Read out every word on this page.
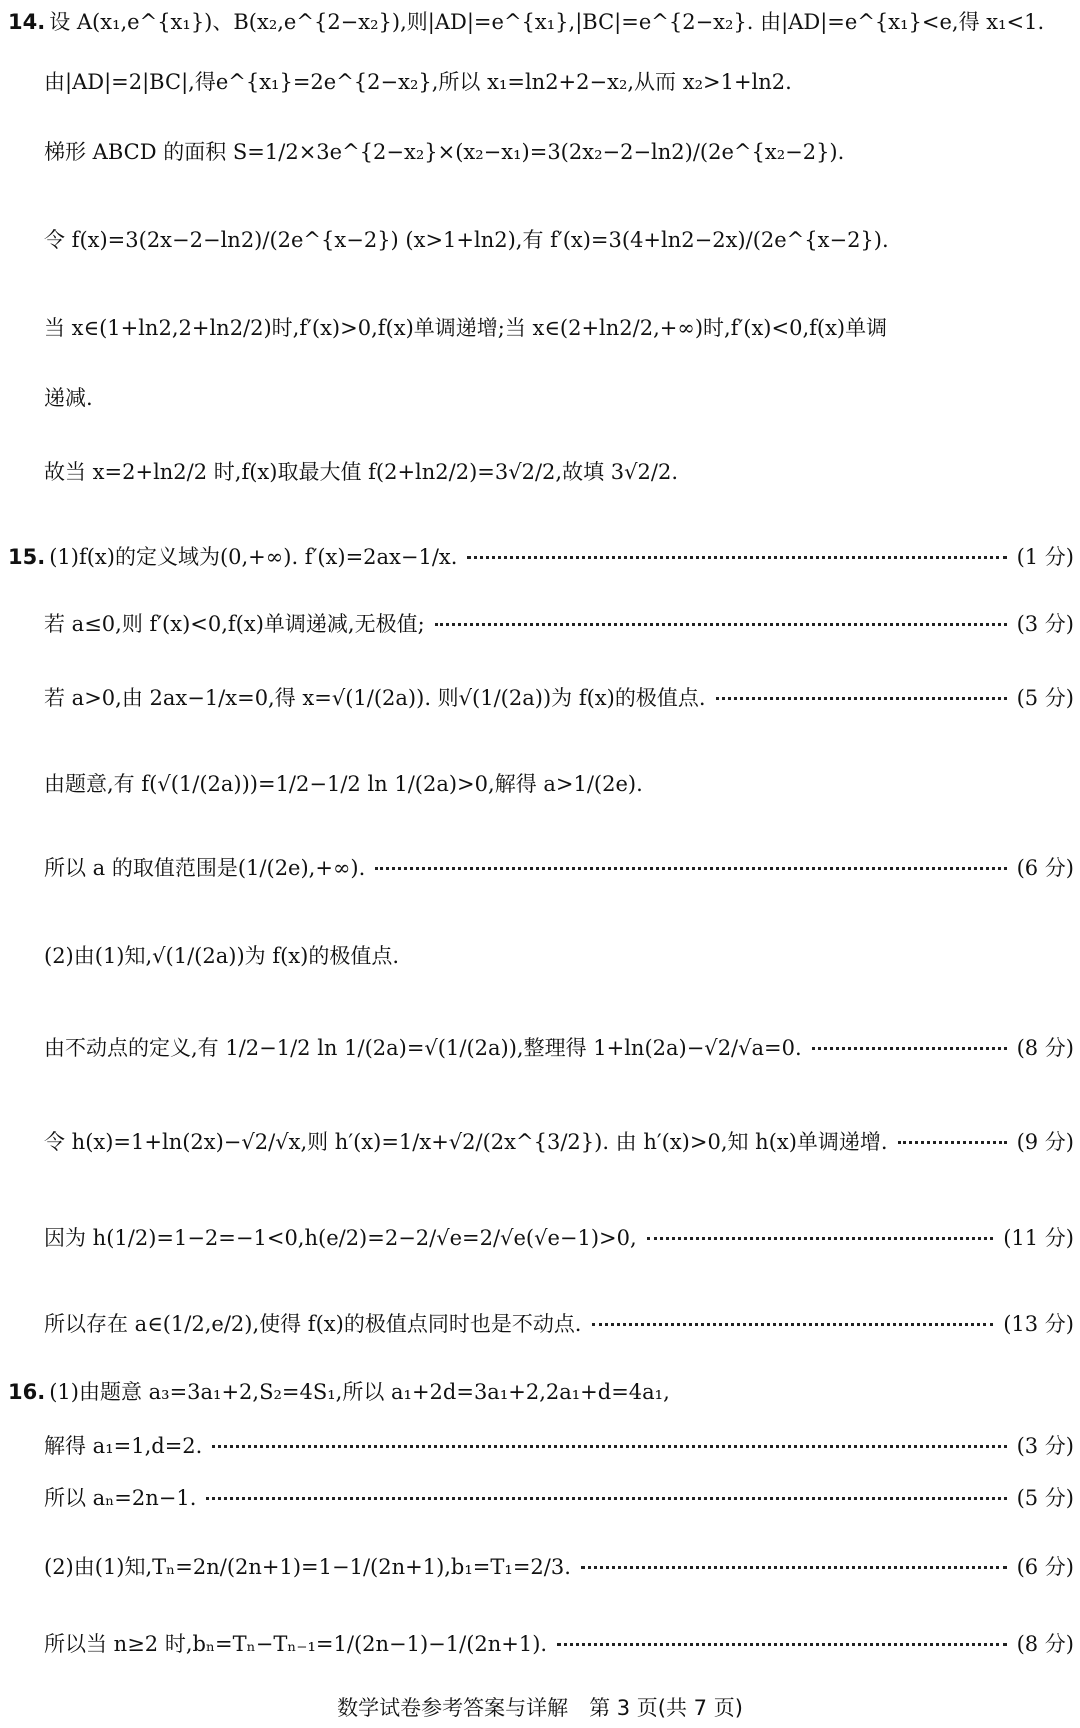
14. 设 A(x₁,e^{x₁})、B(x₂,e^{2−x₂}),则|AD|=e^{x₁},|BC|=e^{2−x₂}. 由|AD|=e^{x₁}<e,得 x₁<1.
由|AD|=2|BC|,得e^{x₁}=2e^{2−x₂},所以 x₁=ln2+2−x₂,从而 x₂>1+ln2.
梯形 ABCD 的面积 S=1/2×3e^{2−x₂}×(x₂−x₁)=3(2x₂−2−ln2)/(2e^{x₂−2}).
令 f(x)=3(2x−2−ln2)/(2e^{x−2}) (x>1+ln2),有 f′(x)=3(4+ln2−2x)/(2e^{x−2}).
当 x∈(1+ln2,2+ln2/2)时,f′(x)>0,f(x)单调递增;当 x∈(2+ln2/2,+∞)时,f′(x)<0,f(x)单调
递减.
故当 x=2+ln2/2 时,f(x)取最大值 f(2+ln2/2)=3√2/2,故填 3√2/2.
15. (1)f(x)的定义域为(0,+∞). f′(x)=2ax−1/x.	(1 分)
若 a≤0,则 f′(x)<0,f(x)单调递减,无极值;	(3 分)
若 a>0,由 2ax−1/x=0,得 x=√(1/(2a)). 则√(1/(2a))为 f(x)的极值点.	(5 分)
由题意,有 f(√(1/(2a)))=1/2−1/2 ln 1/(2a)>0,解得 a>1/(2e).
所以 a 的取值范围是(1/(2e),+∞).	(6 分)
(2)由(1)知,√(1/(2a))为 f(x)的极值点.
由不动点的定义,有 1/2−1/2 ln 1/(2a)=√(1/(2a)),整理得 1+ln(2a)−√2/√a=0.	(8 分)
令 h(x)=1+ln(2x)−√2/√x,则 h′(x)=1/x+√2/(2x^{3/2}). 由 h′(x)>0,知 h(x)单调递增.	(9 分)
因为 h(1/2)=1−2=−1<0,h(e/2)=2−2/√e=2/√e(√e−1)>0,	(11 分)
所以存在 a∈(1/2,e/2),使得 f(x)的极值点同时也是不动点.	(13 分)
16. (1)由题意 a₃=3a₁+2,S₂=4S₁,所以 a₁+2d=3a₁+2,2a₁+d=4a₁,
解得 a₁=1,d=2.	(3 分)
所以 aₙ=2n−1.	(5 分)
(2)由(1)知,Tₙ=2n/(2n+1)=1−1/(2n+1),b₁=T₁=2/3.	(6 分)
所以当 n≥2 时,bₙ=Tₙ−Tₙ₋₁=1/(2n−1)−1/(2n+1).	(8 分)
数学试卷参考答案与详解　第 3 页(共 7 页)
